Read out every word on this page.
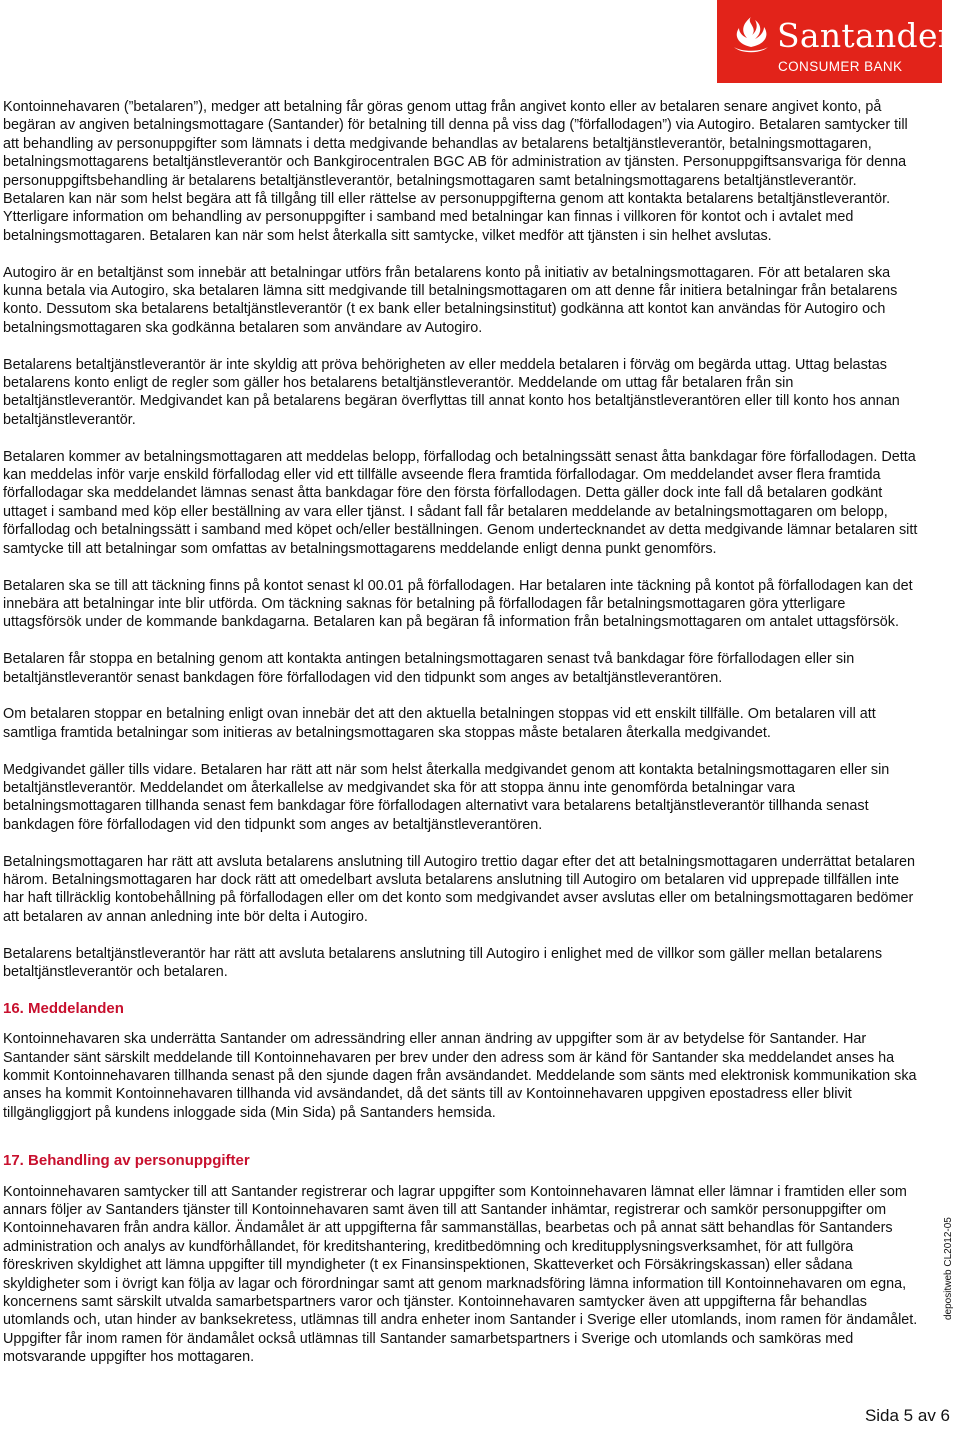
Santander
CONSUMER BANK

Kontoinnehavaren (”betalaren”), medger att betalning får göras genom uttag från angivet konto eller av betalaren senare angivet konto, på begäran av angiven betalningsmottagare (Santander) för betalning till denna på viss dag (”förfallodagen”) via Autogiro. Betalaren samtycker till att behandling av personuppgifter som lämnats i detta medgivande behandlas av betalarens betaltjänstleverantör, betalningsmottagaren, betalningsmottagarens betaltjänstleverantör och Bankgirocentralen BGC AB för administration av tjänsten. Personuppgiftsansvariga för denna personuppgiftsbehandling är betalarens betaltjänstleverantör, betalningsmottagaren samt betalningsmottagarens betaltjänstleverantör. Betalaren kan när som helst begära att få tillgång till eller rättelse av personuppgifterna genom att kontakta betalarens betaltjänstleverantör. Ytterligare information om behandling av personuppgifter i samband med betalningar kan finnas i villkoren för kontot och i avtalet med betalningsmottagaren. Betalaren kan när som helst återkalla sitt samtycke, vilket medför att tjänsten i sin helhet avslutas.

Autogiro är en betaltjänst som innebär att betalningar utförs från betalarens konto på initiativ av betalningsmottagaren. För att betalaren ska kunna betala via Autogiro, ska betalaren lämna sitt medgivande till betalningsmottagaren om att denne får initiera betalningar från betalarens konto. Dessutom ska betalarens betaltjänstleverantör (t ex bank eller betalningsinstitut) godkänna att kontot kan användas för Autogiro och betalningsmottagaren ska godkänna betalaren som användare av Autogiro.

Betalarens betaltjänstleverantör är inte skyldig att pröva behörigheten av eller meddela betalaren i förväg om begärda uttag. Uttag belastas betalarens konto enligt de regler som gäller hos betalarens betaltjänstleverantör. Meddelande om uttag får betalaren från sin betaltjänstleverantör. Medgivandet kan på betalarens begäran överflyttas till annat konto hos betaltjänstleverantören eller till konto hos annan betaltjänstleverantör.

Betalaren kommer av betalningsmottagaren att meddelas belopp, förfallodag och betalningssätt senast åtta bankdagar före förfallodagen. Detta kan meddelas inför varje enskild förfallodag eller vid ett tillfälle avseende flera framtida förfallodagar. Om meddelandet avser flera framtida förfallodagar ska meddelandet lämnas senast åtta bankdagar före den första förfallodagen. Detta gäller dock inte fall då betalaren godkänt uttaget i samband med köp eller beställning av vara eller tjänst. I sådant fall får betalaren meddelande av betalningsmottagaren om belopp, förfallodag och betalningssätt i samband med köpet och/eller beställningen. Genom undertecknandet av detta medgivande lämnar betalaren sitt samtycke till att betalningar som omfattas av betalningsmottagarens meddelande enligt denna punkt genomförs.

Betalaren ska se till att täckning finns på kontot senast kl 00.01 på förfallodagen. Har betalaren inte täckning på kontot på förfallodagen kan det innebära att betalningar inte blir utförda. Om täckning saknas för betalning på förfallodagen får betalningsmottagaren göra ytterligare uttagsförsök under de kommande bankdagarna. Betalaren kan på begäran få information från betalningsmottagaren om antalet uttagsförsök.

Betalaren får stoppa en betalning genom att kontakta antingen betalningsmottagaren senast två bankdagar före förfallodagen eller sin betaltjänstleverantör senast bankdagen före förfallodagen vid den tidpunkt som anges av betaltjänstleverantören.

Om betalaren stoppar en betalning enligt ovan innebär det att den aktuella betalningen stoppas vid ett enskilt tillfälle. Om betalaren vill att samtliga framtida betalningar som initieras av betalningsmottagaren ska stoppas måste betalaren återkalla medgivandet.

Medgivandet gäller tills vidare. Betalaren har rätt att när som helst återkalla medgivandet genom att kontakta betalningsmottagaren eller sin betaltjänstleverantör. Meddelandet om återkallelse av medgivandet ska för att stoppa ännu inte genomförda betalningar vara betalningsmottagaren tillhanda senast fem bankdagar före förfallodagen alternativt vara betalarens betaltjänstleverantör tillhanda senast bankdagen före förfallodagen vid den tidpunkt som anges av betaltjänstleverantören.

Betalningsmottagaren har rätt att avsluta betalarens anslutning till Autogiro trettio dagar efter det att betalningsmottagaren underrättat betalaren härom. Betalningsmottagaren har dock rätt att omedelbart avsluta betalarens anslutning till Autogiro om betalaren vid upprepade tillfällen inte har haft tillräcklig kontobehållning på förfallodagen eller om det konto som medgivandet avser avslutas eller om betalningsmottagaren bedömer att betalaren av annan anledning inte bör delta i Autogiro.

Betalarens betaltjänstleverantör har rätt att avsluta betalarens anslutning till Autogiro i enlighet med de villkor som gäller mellan betalarens betaltjänstleverantör och betalaren.

16. Meddelanden

Kontoinnehavaren ska underrätta Santander om adressändring eller annan ändring av uppgifter som är av betydelse för Santander. Har Santander sänt särskilt meddelande till Kontoinnehavaren per brev under den adress som är känd för Santander ska meddelandet anses ha kommit Kontoinnehavaren tillhanda senast på den sjunde dagen från avsändandet. Meddelande som sänts med elektronisk kommunikation ska anses ha kommit Kontoinnehavaren tillhanda vid avsändandet, då det sänts till av Kontoinnehavaren uppgiven epostadress eller blivit tillgängliggjort på kundens inloggade sida (Min Sida) på Santanders hemsida.

17. Behandling av personuppgifter

Kontoinnehavaren samtycker till att Santander registrerar och lagrar uppgifter som Kontoinnehavaren lämnat eller lämnar i framtiden eller som annars följer av Santanders tjänster till Kontoinnehavaren samt även till att Santander inhämtar, registrerar och samkör personuppgifter om Kontoinnehavaren från andra källor. Ändamålet är att uppgifterna får sammanställas, bearbetas och på annat sätt behandlas för Santanders administration och analys av kundförhållandet, för kreditshantering, kreditbedömning och kreditupplysningsverksamhet, för att fullgöra föreskriven skyldighet att lämna uppgifter till myndigheter (t ex Finansinspektionen, Skatteverket och Försäkringskassan) eller sådana skyldigheter som i övrigt kan följa av lagar och förordningar samt att genom marknadsföring lämna information till Kontoinnehavaren om egna, koncernens samt särskilt utvalda samarbetspartners varor och tjänster. Kontoinnehavaren samtycker även att uppgifterna får behandlas utomlands och, utan hinder av banksekretess, utlämnas till andra enheter inom Santander i Sverige eller utomlands, inom ramen för ändamålet. Uppgifter får inom ramen för ändamålet också utlämnas till Santander samarbetspartners i Sverige och utomlands och samköras med motsvarande uppgifter hos mottagaren.

depositweb CL2012-05
Sida 5 av 6
